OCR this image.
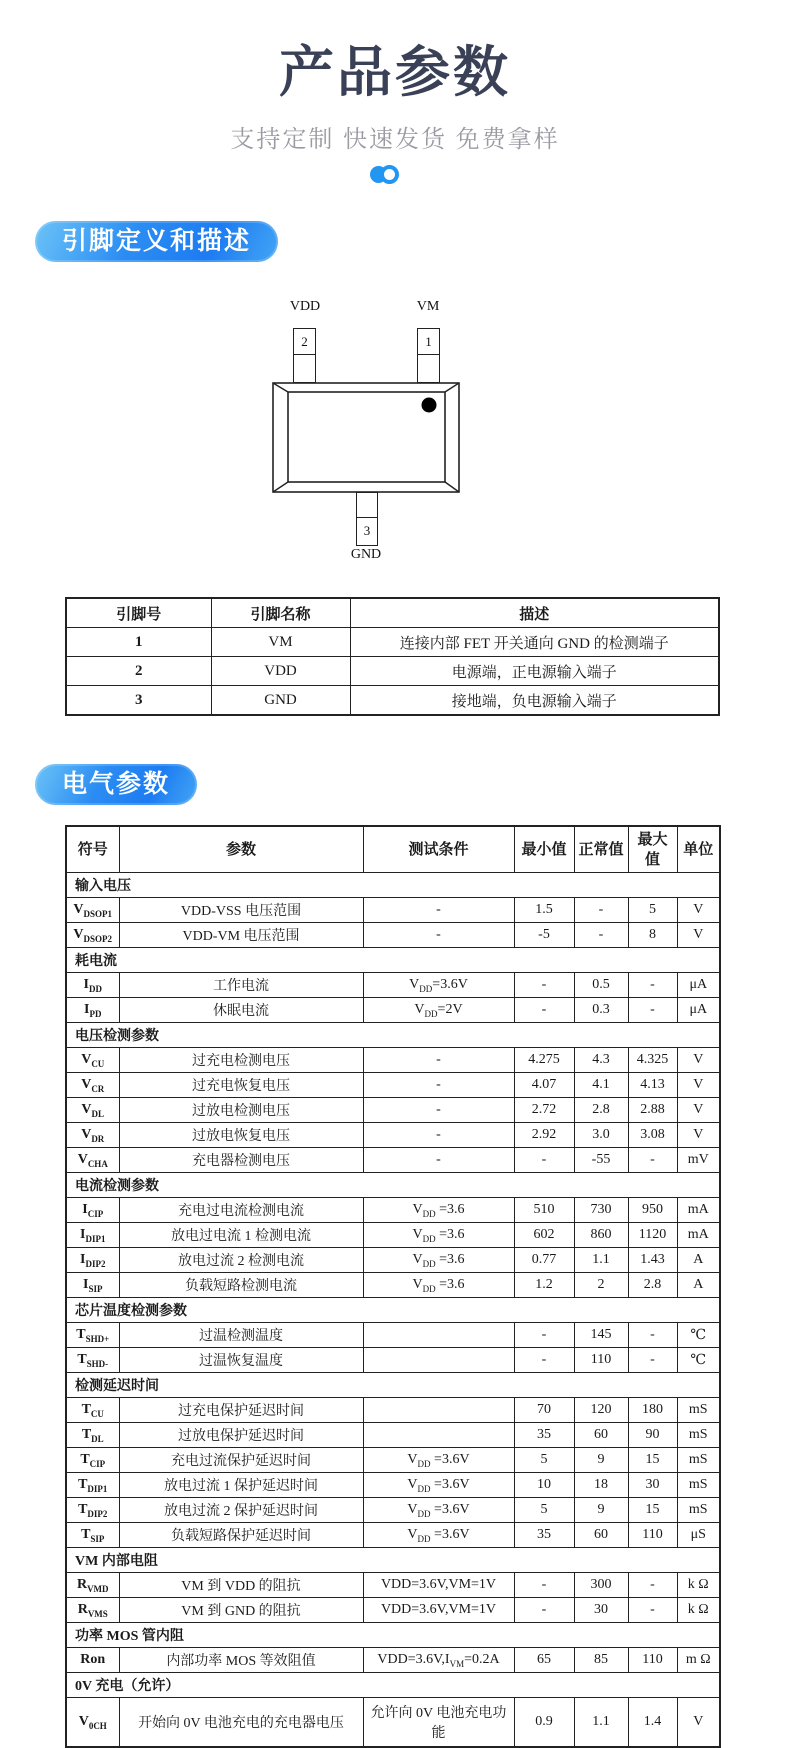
产品参数
支持定制 快速发货 免费拿样
引脚定义和描述
VDD	VM
2	1
3
GND
引脚号	引脚名称	描述
1	VM	连接内部 FET 开关通向 GND 的检测端子
2	VDD	电源端，正电源输入端子
3	GND	接地端，负电源输入端子
电气参数
符号	参数	测试条件	最小值	正常值	最大值	单位
输入电压						
$V_{DSOP1}$	VDD-VSS 电压范围	-	1.5	-	5	V
$V_{DSOP2}$	VDD-VM 电压范围	-	-5	-	8	V
耗电流						
$I_{DD}$	工作电流	$V_{DD}=3.6V$	-	0.5	-	μA
$I_{PD}$	休眠电流	$V_{DD}=2V$	-	0.3	-	μA
电压检测参数						
$V_{CU}$	过充电检测电压	-	4.275	4.3	4.325	V
$V_{CR}$	过充电恢复电压	-	4.07	4.1	4.13	V
$V_{DL}$	过放电检测电压	-	2.72	2.8	2.88	V
$V_{DR}$	过放电恢复电压	-	2.92	3.0	3.08	V
$V_{CHA}$	充电器检测电压	-	-	-55	-	mV
电流检测参数						
$I_{CIP}$	充电过电流检测电流	$V_{DD} =3.6$	510	730	950	mA
$I_{DIP1}$	放电过电流 1 检测电流	$V_{DD} =3.6$	602	860	1120	mA
$I_{DIP2}$	放电过流 2 检测电流	$V_{DD} =3.6$	0.77	1.1	1.43	A
$I_{SIP}$	负载短路检测电流	$V_{DD} =3.6$	1.2	2	2.8	A
芯片温度检测参数						
$T_{SHD+}$	过温检测温度		-	145	-	℃
$T_{SHD-}$	过温恢复温度		-	110	-	℃
检测延迟时间						
$T_{CU}$	过充电保护延迟时间		70	120	180	mS
$T_{DL}$	过放电保护延迟时间		35	60	90	mS
$T_{CIP}$	充电过流保护延迟时间	$V_{DD} =3.6V$	5	9	15	mS
$T_{DIP1}$	放电过流 1 保护延迟时间	$V_{DD} =3.6V$	10	18	30	mS
$T_{DIP2}$	放电过流 2 保护延迟时间	$V_{DD} =3.6V$	5	9	15	mS
$T_{SIP}$	负载短路保护延迟时间	$V_{DD} =3.6V$	35	60	110	μS
VM 内部电阻						
$R_{VMD}$	VM 到 VDD 的阻抗	VDD=3.6V,VM=1V	-	300	-	k Ω
$R_{VMS}$	VM 到 GND 的阻抗	VDD=3.6V,VM=1V	-	30	-	k Ω
功率 MOS 管内阻						
Ron	内部功率 MOS 等效阻值	$VDD=3.6V,I_{VM}=0.2A$	65	85	110	m Ω
0V 充电（允许）						
$V_{0CH}$	开始向 0V 电池充电的充电器电压	允许向 0V 电池充电功能	0.9	1.1	1.4	V
